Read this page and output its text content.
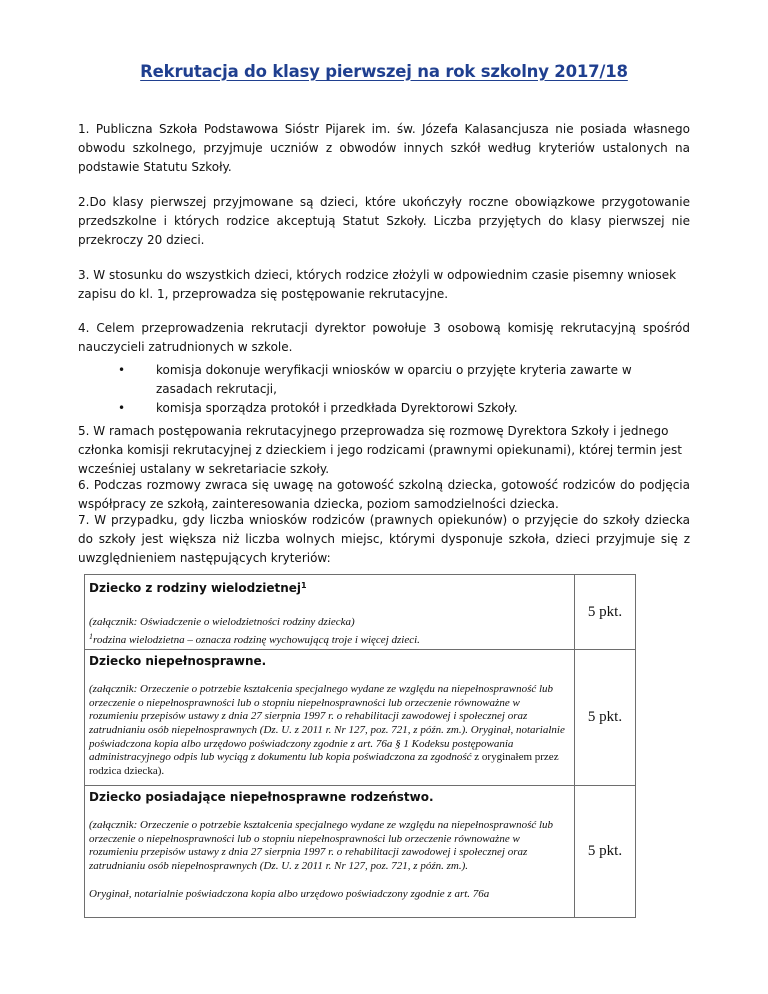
Rekrutacja do klasy pierwszej na rok szkolny 2017/18

1. Publiczna Szkoła Podstawowa Sióstr Pijarek im. św. Józefa Kalasancjusza nie posiada własnego obwodu szkolnego, przyjmuje uczniów z obwodów innych szkół według kryteriów ustalonych na podstawie Statutu Szkoły.

2.Do klasy pierwszej przyjmowane są dzieci, które ukończyły roczne obowiązkowe przygotowanie przedszkolne i których rodzice akceptują Statut Szkoły. Liczba przyjętych do klasy pierwszej nie przekroczy 20 dzieci.

3. W stosunku do wszystkich dzieci, których rodzice złożyli w odpowiednim czasie pisemny wniosek zapisu do kl. 1, przeprowadza się postępowanie rekrutacyjne.

4. Celem przeprowadzenia rekrutacji dyrektor powołuje 3 osobową komisję rekrutacyjną spośród nauczycieli zatrudnionych w szkole.

•	komisja dokonuje weryfikacji wniosków w oparciu o przyjęte kryteria zawarte w zasadach rekrutacji,
•	komisja sporządza protokół i przedkłada Dyrektorowi Szkoły.

5. W ramach postępowania rekrutacyjnego przeprowadza się rozmowę Dyrektora Szkoły i jednego członka komisji rekrutacyjnej z dzieckiem i jego rodzicami (prawnymi opiekunami), której termin jest wcześniej ustalany w sekretariacie szkoły.

6. Podczas rozmowy zwraca się uwagę na gotowość szkolną dziecka, gotowość rodziców do podjęcia współpracy ze szkołą, zainteresowania dziecka, poziom samodzielności dziecka.

7. W przypadku, gdy liczba wniosków rodziców (prawnych opiekunów) o przyjęcie do szkoły dziecka do szkoły jest większa niż liczba wolnych miejsc, którymi dysponuje szkoła, dzieci przyjmuje się z uwzględnieniem następujących kryteriów:

Dziecko z rodziny wielodzietnej$^1$
(załącznik: Oświadczenie o wielodzietności rodziny dziecka)
$^1$rodzina wielodzietna – oznacza rodzinę wychowującą troje i więcej dzieci.	5 pkt.

Dziecko niepełnosprawne.
(załącznik: Orzeczenie o potrzebie kształcenia specjalnego wydane ze względu na niepełnosprawność lub orzeczenie o niepełnosprawności lub o stopniu niepełnosprawności lub orzeczenie równoważne w rozumieniu przepisów ustawy z dnia 27 sierpnia 1997 r. o rehabilitacji zawodowej i społecznej oraz zatrudnianiu osób niepełnosprawnych (Dz. U. z 2011 r. Nr 127, poz. 721, z późn. zm.). Oryginał, notarialnie poświadczona kopia albo urzędowo poświadczony zgodnie z art. 76a § 1 Kodeksu postępowania administracyjnego odpis lub wyciąg z dokumentu lub kopia poświadczona za zgodność z oryginałem przez rodzica dziecka).	5 pkt.

Dziecko posiadające niepełnosprawne rodzeństwo.
(załącznik: Orzeczenie o potrzebie kształcenia specjalnego wydane ze względu na niepełnosprawność lub orzeczenie o niepełnosprawności lub o stopniu niepełnosprawności lub orzeczenie równoważne w rozumieniu przepisów ustawy z dnia 27 sierpnia 1997 r. o rehabilitacji zawodowej i społecznej oraz zatrudnianiu osób niepełnosprawnych (Dz. U. z 2011 r. Nr 127, poz. 721, z późn. zm.).
Oryginał, notarialnie poświadczona kopia albo urzędowo poświadczony zgodnie z art. 76a	5 pkt.
